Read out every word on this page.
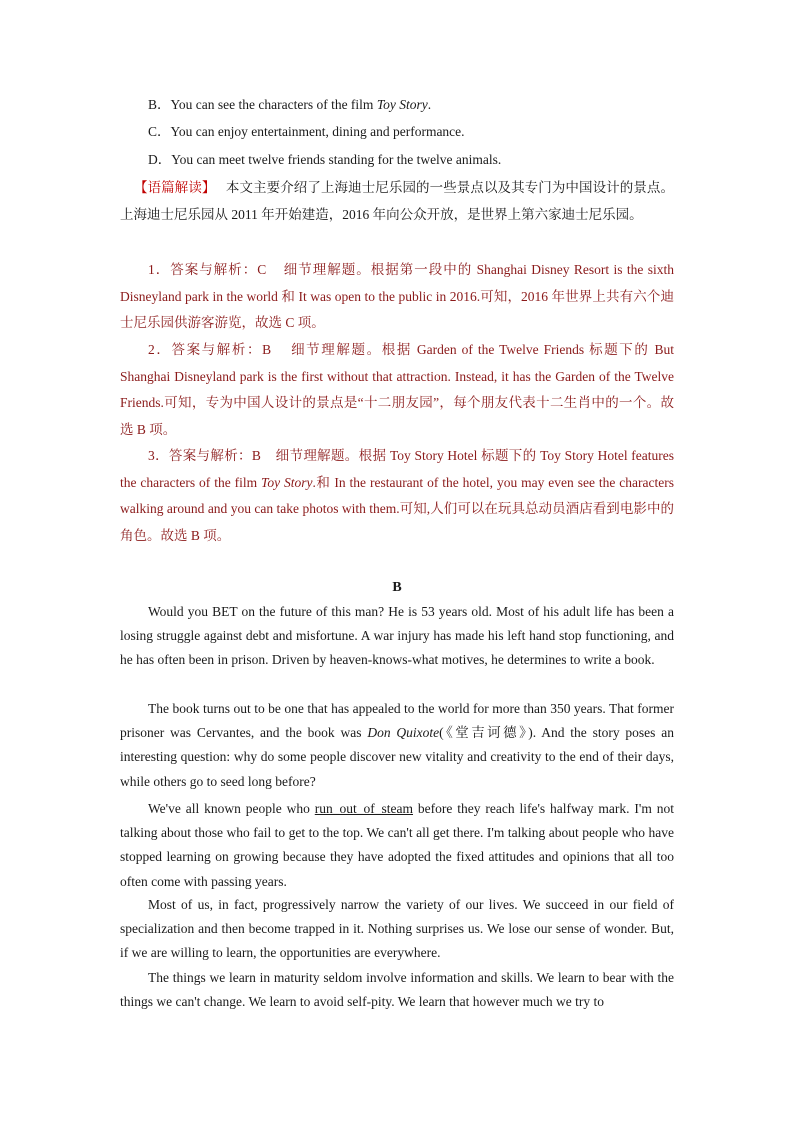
B．You can see the characters of the film Toy Story.
C．You can enjoy entertainment, dining and performance.
D．You can meet twelve friends standing for the twelve animals.
【语篇解读】 本文主要介绍了上海迪士尼乐园的一些景点以及其专门为中国设计的景点。上海迪士尼乐园从 2011 年开始建造，2016 年向公众开放，是世界上第六家迪士尼乐园。
1．答案与解析：C 细节理解题。根据第一段中的 Shanghai Disney Resort is the sixth Disneyland park in the world 和 It was open to the public in 2016.可知，2016 年世界上共有六个迪士尼乐园供游客游览，故选 C 项。
2．答案与解析：B 细节理解题。根据 Garden of the Twelve Friends 标题下的 But Shanghai Disneyland park is the first without that attraction. Instead, it has the Garden of the Twelve Friends.可知，专为中国人设计的景点是“十二朋友园”，每个朋友代表十二生肖中的一个。故选 B 项。
3．答案与解析：B 细节理解题。根据 Toy Story Hotel 标题下的 Toy Story Hotel features the characters of the film Toy Story.和 In the restaurant of the hotel, you may even see the characters walking around and you can take photos with them.可知,人们可以在玩具总动员酒店看到电影中的角色。故选 B 项。
B
Would you BET on the future of this man? He is 53 years old. Most of his adult life has been a losing struggle against debt and misfortune. A war injury has made his left hand stop functioning, and he has often been in prison. Driven by heaven-knows-what motives, he determines to write a book.
The book turns out to be one that has appealed to the world for more than 350 years. That former prisoner was Cervantes, and the book was Don Quixote(《堂吉诃德》). And the story poses an interesting question: why do some people discover new vitality and creativity to the end of their days, while others go to seed long before?
We've all known people who run_out_of_steam before they reach life's halfway mark. I'm not talking about those who fail to get to the top. We can't all get there. I'm talking about people who have stopped learning on growing because they have adopted the fixed attitudes and opinions that all too often come with passing years.
Most of us, in fact, progressively narrow the variety of our lives. We succeed in our field of specialization and then become trapped in it. Nothing surprises us. We lose our sense of wonder. But, if we are willing to learn, the opportunities are everywhere.
The things we learn in maturity seldom involve information and skills. We learn to bear with the things we can't change. We learn to avoid self-pity. We learn that however much we try to
